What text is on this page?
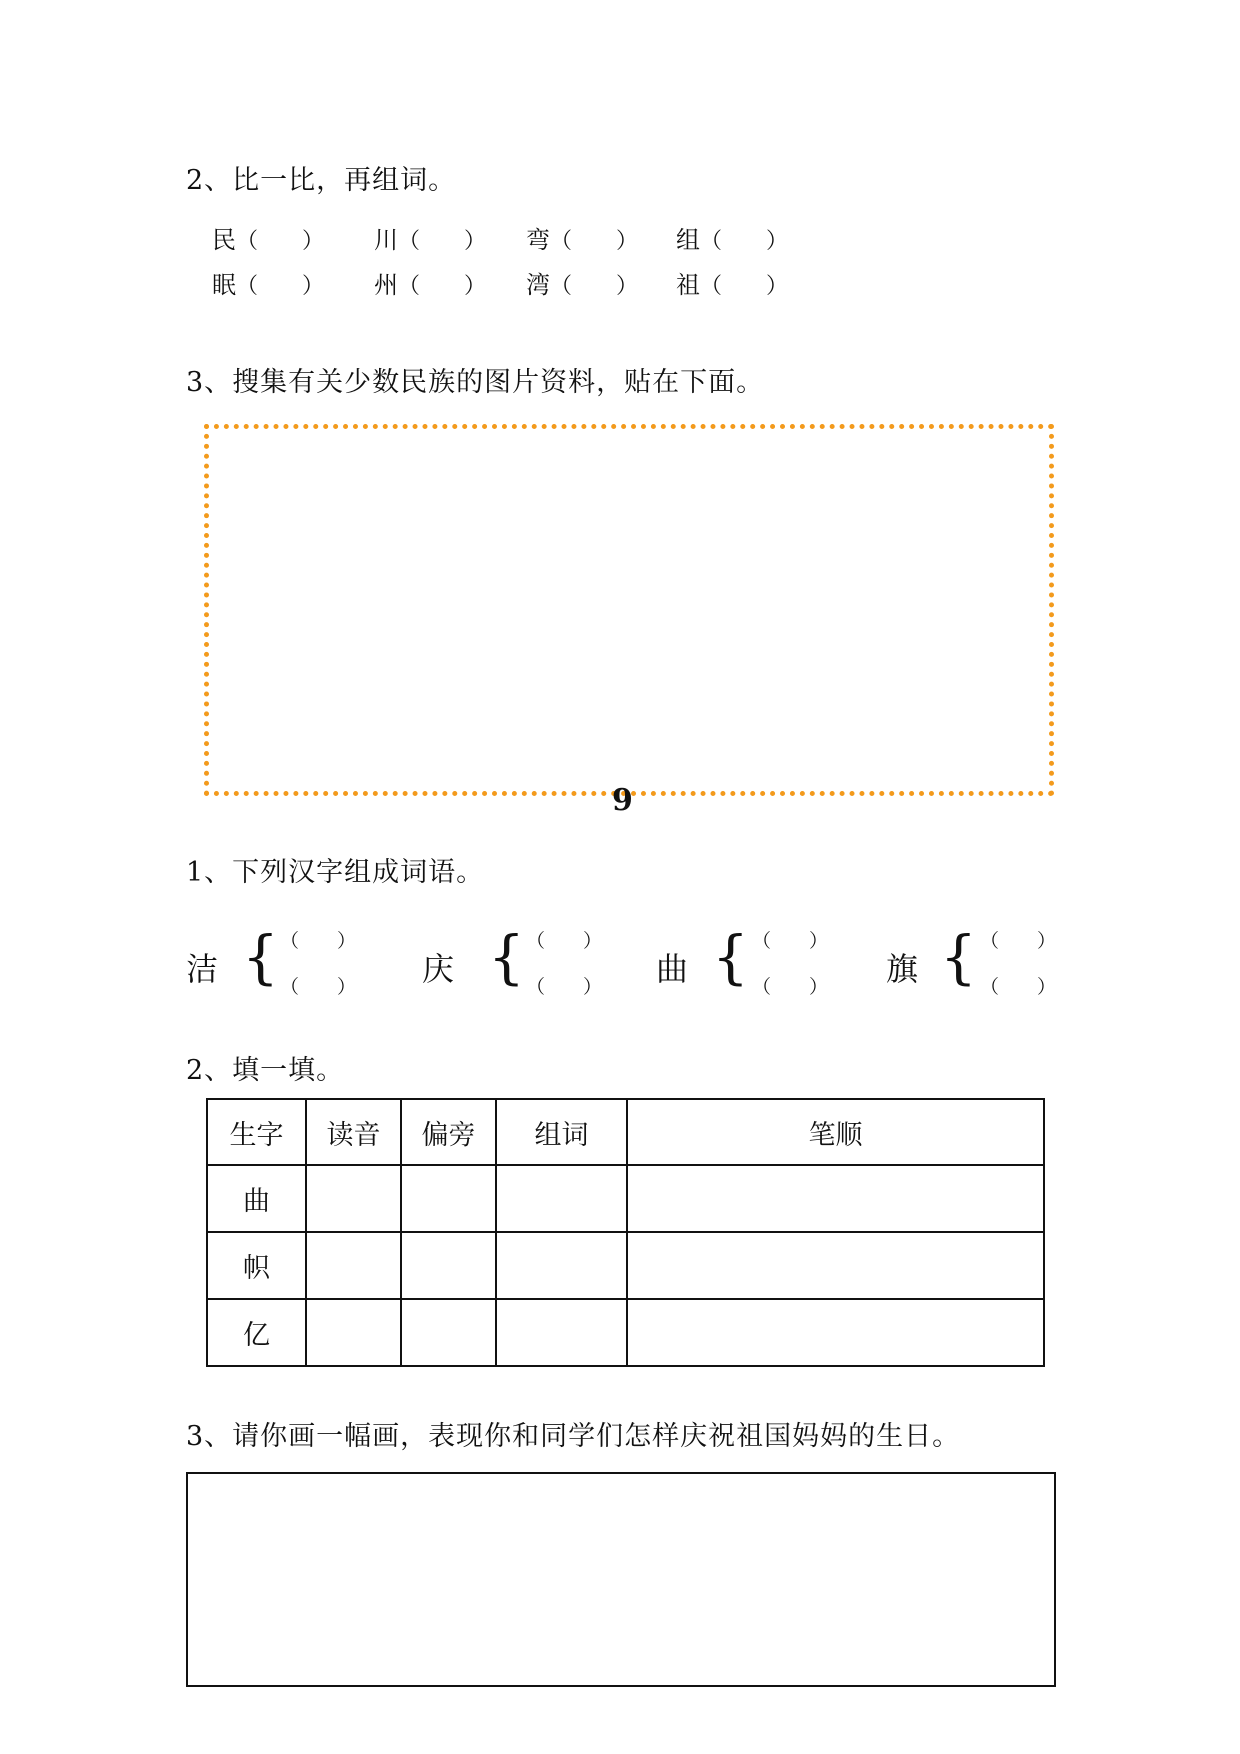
2、比一比，再组词。
民（　　） 川（　　） 弯（　　） 组（　　）
眠（　　） 州（　　） 湾（　　） 祖（　　）
3、搜集有关少数民族的图片资料，贴在下面。
9
1、下列汉字组成词语。
洁 { （　　）
（　　） 庆 { （　　）
（　　） 曲 { （　　）
（　　） 旗 { （　　）
（　　）
2、填一填。
生字	读音	偏旁	组词	笔顺
曲				
帜				
亿				
3、请你画一幅画，表现你和同学们怎样庆祝祖国妈妈的生日。
